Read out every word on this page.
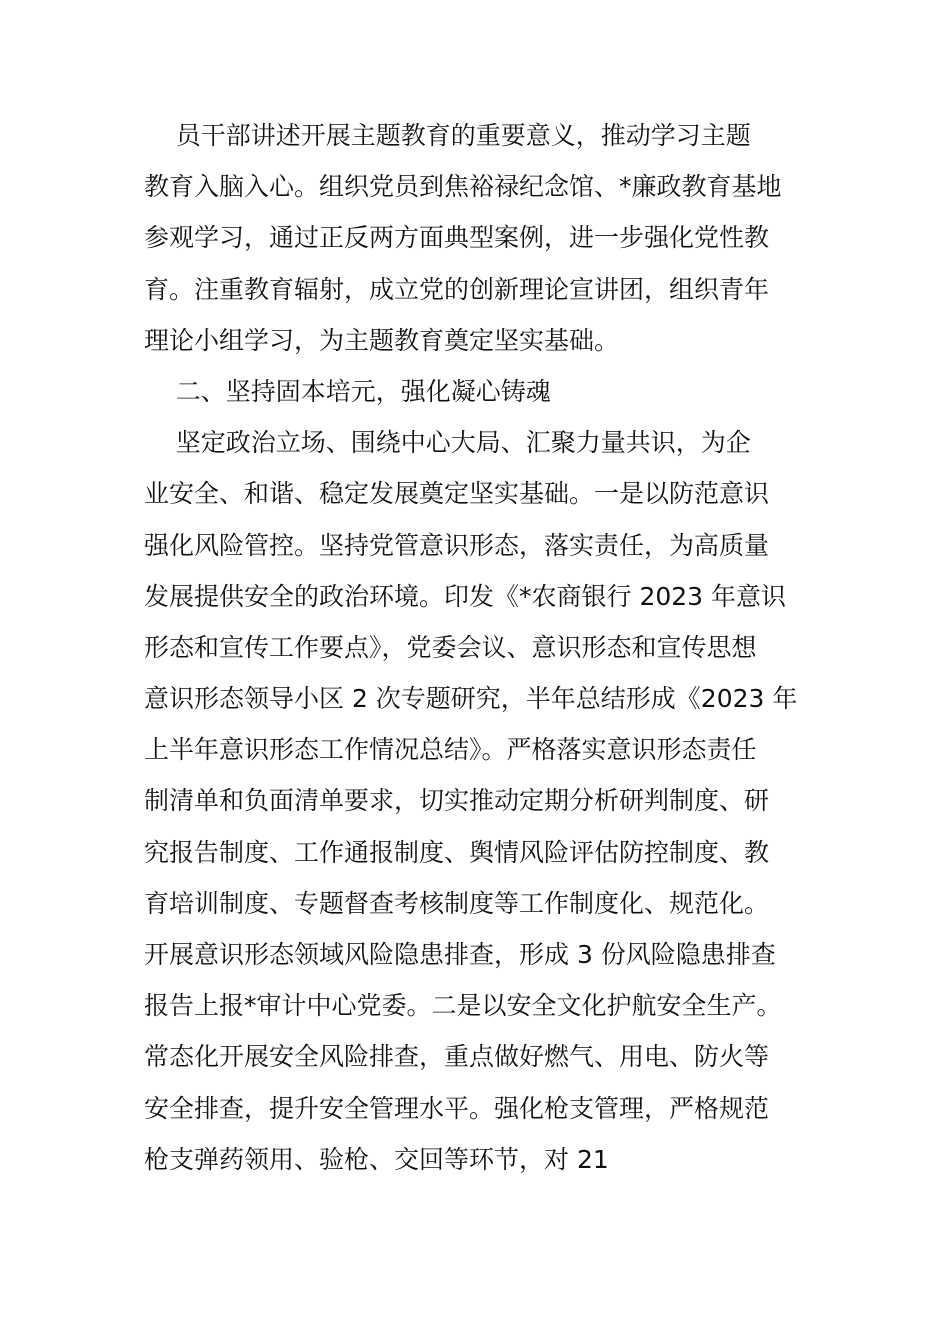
员干部讲述开展主题教育的重要意义，推动学习主题
教育入脑入心。组织党员到焦裕禄纪念馆、*廉政教育基地
参观学习，通过正反两方面典型案例，进一步强化党性教
育。注重教育辐射，成立党的创新理论宣讲团，组织青年
理论小组学习，为主题教育奠定坚实基础。
二、坚持固本培元，强化凝心铸魂
坚定政治立场、围绕中心大局、汇聚力量共识，为企
业安全、和谐、稳定发展奠定坚实基础。一是以防范意识
强化风险管控。坚持党管意识形态，落实责任，为高质量
发展提供安全的政治环境。印发《*农商银行 2023 年意识
形态和宣传工作要点》，党委会议、意识形态和宣传思想
意识形态领导小区 2 次专题研究，半年总结形成《2023 年
上半年意识形态工作情况总结》。严格落实意识形态责任
制清单和负面清单要求，切实推动定期分析研判制度、研
究报告制度、工作通报制度、舆情风险评估防控制度、教
育培训制度、专题督查考核制度等工作制度化、规范化。
开展意识形态领域风险隐患排查，形成 3 份风险隐患排查
报告上报*审计中心党委。二是以安全文化护航安全生产。
常态化开展安全风险排查，重点做好燃气、用电、防火等
安全排查，提升安全管理水平。强化枪支管理，严格规范
枪支弹药领用、验枪、交回等环节，对 21
